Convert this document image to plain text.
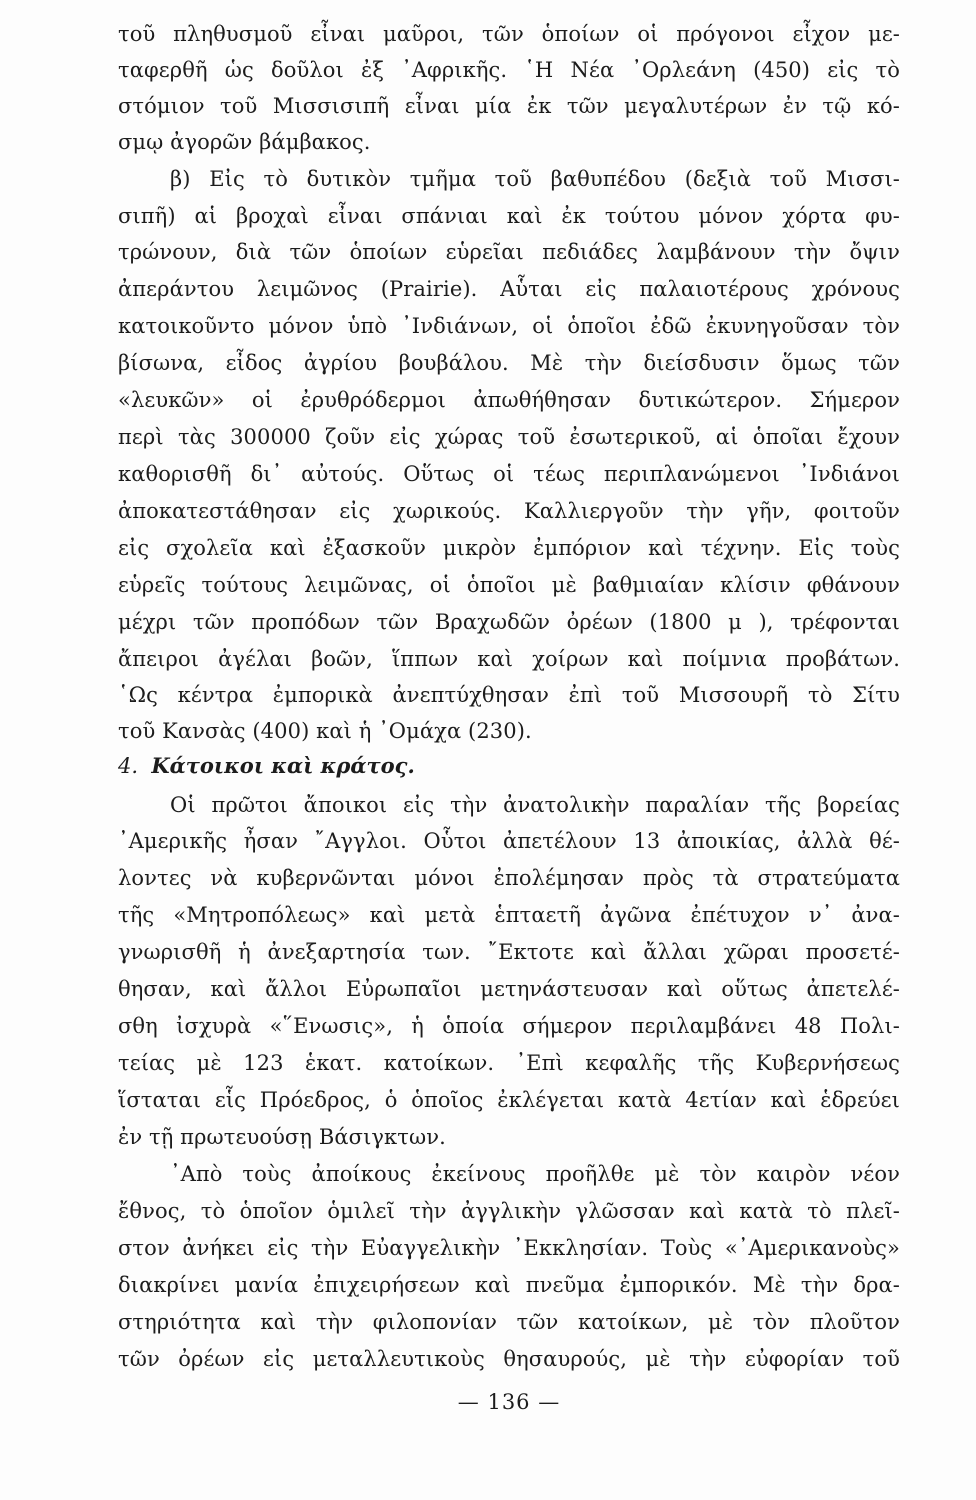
τοῦ πληθυσμοῦ εἶναι μαῦροι, τῶν ὁποίων οἱ πρόγονοι εἶχον με-
ταφερθῆ ὡς δοῦλοι ἐξ ᾿Αφρικῆς. ῾Η Νέα ᾿Ορλεάνη (450) εἰς τὸ
στόμιον τοῦ Μισσισιπῆ εἶναι μία ἐκ τῶν μεγαλυτέρων ἐν τῷ κό-
σμῳ ἀγορῶν βάμβακος.
β) Εἰς τὸ δυτικὸν τμῆμα τοῦ βαθυπέδου (δεξιὰ τοῦ Μισσι-
σιπῆ) αἱ βροχαὶ εἶναι σπάνιαι καὶ ἐκ τούτου μόνον χόρτα φυ-
τρώνουν, διὰ τῶν ὁποίων εὑρεῖαι πεδιάδες λαμβάνουν τὴν ὄψιν
ἀπεράντου λειμῶνος (Prairie). Αὗται εἰς παλαιοτέρους χρόνους
κατοικοῦντο μόνον ὑπὸ ᾿Ινδιάνων, οἱ ὁποῖοι ἐδῶ ἐκυνηγοῦσαν τὸν
βίσωνα, εἶδος ἀγρίου βουβάλου. Μὲ τὴν διείσδυσιν ὅμως τῶν
«λευκῶν» οἱ ἐρυθρόδερμοι ἀπωθήθησαν δυτικώτερον. Σήμερον
περὶ τὰς 300000 ζοῦν εἰς χώρας τοῦ ἐσωτερικοῦ, αἱ ὁποῖαι ἔχουν
καθορισθῆ δι᾿ αὐτούς. Οὕτως οἱ τέως περιπλανώμενοι ᾿Ινδιάνοι
ἀποκατεστάθησαν εἰς χωρικούς. Καλλιεργοῦν τὴν γῆν, φοιτοῦν
εἰς σχολεῖα καὶ ἐξασκοῦν μικρὸν ἐμπόριον καὶ τέχνην. Εἰς τοὺς
εὑρεῖς τούτους λειμῶνας, οἱ ὁποῖοι μὲ βαθμιαίαν κλίσιν φθάνουν
μέχρι τῶν προπόδων τῶν Βραχωδῶν ὀρέων (1800 μ ), τρέφονται
ἄπειροι ἀγέλαι βοῶν, ἵππων καὶ χοίρων καὶ ποίμνια προβάτων.
῾Ως κέντρα ἐμπορικὰ ἀνεπτύχθησαν ἐπὶ τοῦ Μισσουρῆ τὸ Σίτυ
τοῦ Κανσὰς (400) καὶ ἡ ᾿Ομάχα (230).
4. Κάτοικοι καὶ κράτος.
Οἱ πρῶτοι ἄποικοι εἰς τὴν ἀνατολικὴν παραλίαν τῆς βορείας
᾿Αμερικῆς ἦσαν ῎Αγγλοι. Οὗτοι ἀπετέλουν 13 ἀποικίας, ἀλλὰ θέ-
λοντες νὰ κυβερνῶνται μόνοι ἐπολέμησαν πρὸς τὰ στρατεύματα
τῆς «Μητροπόλεως» καὶ μετὰ ἑπταετῆ ἀγῶνα ἐπέτυχον ν᾿ ἀνα-
γνωρισθῆ ἡ ἀνεξαρτησία των. ῎Εκτοτε καὶ ἄλλαι χῶραι προσετέ-
θησαν, καὶ ἄλλοι Εὐρωπαῖοι μετηνάστευσαν καὶ οὕτως ἀπετελέ-
σθη ἰσχυρὰ «῞Ενωσις», ἡ ὁποία σήμερον περιλαμβάνει 48 Πολι-
τείας μὲ 123 ἑκατ. κατοίκων. ᾿Επὶ κεφαλῆς τῆς Κυβερνήσεως
ἵσταται εἷς Πρόεδρος, ὁ ὁποῖος ἐκλέγεται κατὰ 4ετίαν καὶ ἑδρεύει
ἐν τῇ πρωτευούσῃ Βάσιγκτων.
᾿Απὸ τοὺς ἀποίκους ἐκείνους προῆλθε μὲ τὸν καιρὸν νέον
ἔθνος, τὸ ὁποῖον ὁμιλεῖ τὴν ἀγγλικὴν γλῶσσαν καὶ κατὰ τὸ πλεῖ-
στον ἀνήκει εἰς τὴν Εὐαγγελικὴν ᾿Εκκλησίαν. Τοὺς «᾿Αμερικανοὺς»
διακρίνει μανία ἐπιχειρήσεων καὶ πνεῦμα ἐμπορικόν. Μὲ τὴν δρα-
στηριότητα καὶ τὴν φιλοπονίαν τῶν κατοίκων, μὲ τὸν πλοῦτον
τῶν ὀρέων εἰς μεταλλευτικοὺς θησαυρούς, μὲ τὴν εὐφορίαν τοῦ
— 136 —
